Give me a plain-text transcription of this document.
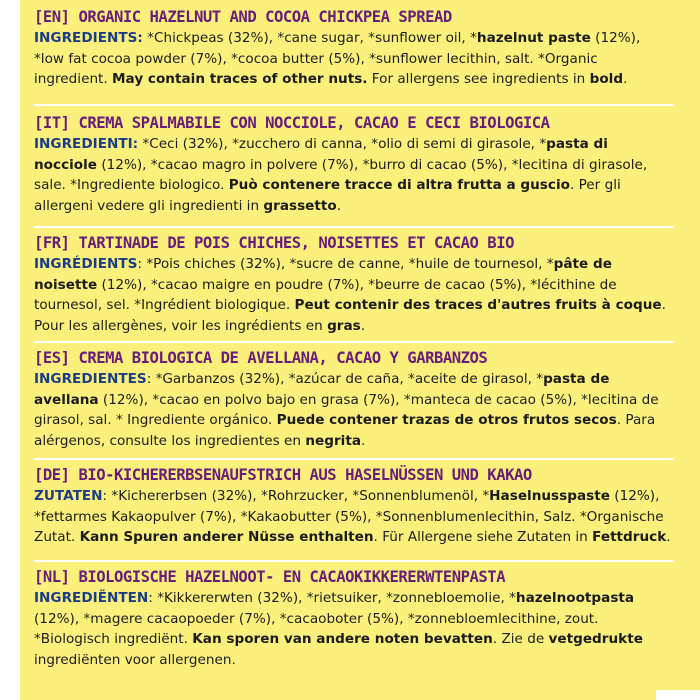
[EN] ORGANIC HAZELNUT AND COCOA CHICKPEA SPREAD

INGREDIENTS: *Chickpeas (32%), *cane sugar, *sunflower oil, *hazelnut paste (12%), *low fat cocoa powder (7%), *cocoa butter (5%), *sunflower lecithin, salt. *Organic ingredient. May contain traces of other nuts. For allergens see ingredients in bold.

[IT] CREMA SPALMABILE CON NOCCIOLE, CACAO E CECI BIOLOGICA

INGREDIENTI: *Ceci (32%), *zucchero di canna, *olio di semi di girasole, *pasta di nocciole (12%), *cacao magro in polvere (7%), *burro di cacao (5%), *lecitina di girasole, sale. *Ingrediente biologico. Può contenere tracce di altra frutta a guscio. Per gli allergeni vedere gli ingredienti in grassetto.

[FR] TARTINADE DE POIS CHICHES, NOISETTES ET CACAO BIO

INGRÉDIENTS: *Pois chiches (32%), *sucre de canne, *huile de tournesol, *pâte de noisette (12%), *cacao maigre en poudre (7%), *beurre de cacao (5%), *lécithine de tournesol, sel. *Ingrédient biologique. Peut contenir des traces d'autres fruits à coque. Pour les allergènes, voir les ingrédients en gras.

[ES] CREMA BIOLOGICA DE AVELLANA, CACAO Y GARBANZOS

INGREDIENTES: *Garbanzos (32%), *azúcar de caña, *aceite de girasol, *pasta de avellana (12%), *cacao en polvo bajo en grasa (7%), *manteca de cacao (5%), *lecitina de girasol, sal. * Ingrediente orgánico. Puede contener trazas de otros frutos secos. Para alérgenos, consulte los ingredientes en negrita.

[DE] BIO-KICHERERBSENAUFSTRICH AUS HASELNÜSSEN UND KAKAO

ZUTATEN: *Kichererbsen (32%), *Rohrzucker, *Sonnenblumenöl, *Haselnusspaste (12%), *fettarmes Kakaopulver (7%), *Kakaobutter (5%), *Sonnenblumenlecithin, Salz. *Organische Zutat. Kann Spuren anderer Nüsse enthalten. Für Allergene siehe Zutaten in Fettdruck.

[NL] BIOLOGISCHE HAZELNOOT- EN CACAOKIKKERERWTENPASTA

INGREDIËNTEN: *Kikkererwten (32%), *rietsuiker, *zonnebloemolie, *hazelnootpasta (12%), *magere cacaopoeder (7%), *cacaoboter (5%), *zonnebloemlecithine, zout. *Biologisch ingrediënt. Kan sporen van andere noten bevatten. Zie de vetgedrukte ingrediënten voor allergenen.
